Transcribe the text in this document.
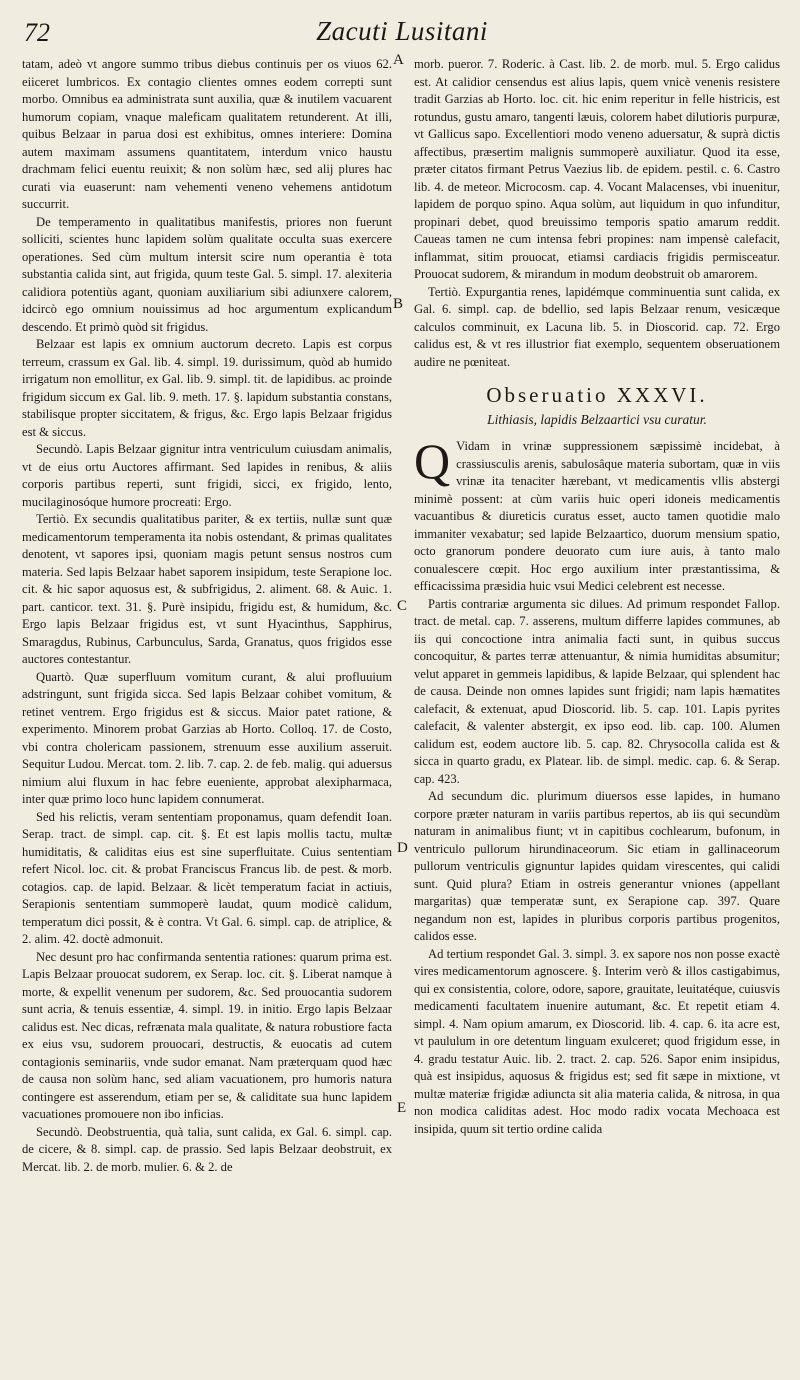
72	Zacuti Lusitani

tatam, adeò vt angore summo tribus diebus continuis per os viuos 62. eiiceret lumbricos. Ex contagio clientes omnes eodem correpti sunt morbo. Omnibus ea administrata sunt auxilia, quæ & inutilem vacuarent humorum copiam, vnaque maleficam qualitatem retunderent. At illi, quibus Belzaar in parua dosi est exhibitus, omnes interiere: Domina autem maximam assumens quantitatem, interdum vnico haustu drachmam felici euentu reuixit; & non solùm hæc, sed alij plures hac curati via euaserunt: nam vehementi veneno vehemens antidotum succurrit.

De temperamento in qualitatibus manifestis, priores non fuerunt solliciti, scientes hunc lapidem solùm qualitate occulta suas exercere operationes. Sed cùm multum intersit scire num operantia è tota substantia calida sint, aut frigida, quum teste Gal. 5. simpl. 17. alexiteria calidiora potentiùs agant, quoniam auxiliarium sibi adiunxere calorem, idcircò ego omnium nouissimus ad hoc argumentum explicandum descendo. Et primò quòd sit frigidus.

Belzaar est lapis ex omnium auctorum decreto. Lapis est corpus terreum, crassum ex Gal. lib. 4. simpl. 19. durissimum, quòd ab humido irrigatum non emollitur, ex Gal. lib. 9. simpl. tit. de lapidibus. ac proinde frigidum siccum ex Gal. lib. 9. meth. 17. §. lapidum substantia constans, stabilisque propter siccitatem, & frigus, &c. Ergo lapis Belzaar frigidus est & siccus.

Secundò. Lapis Belzaar gignitur intra ventriculum cuiusdam animalis, vt de eius ortu Auctores affirmant. Sed lapides in renibus, & aliis corporis partibus reperti, sunt frigidi, sicci, ex frigido, lento, mucilaginosóque humore procreati: Ergo.

Tertiò. Ex secundis qualitatibus pariter, & ex tertiis, nullæ sunt quæ medicamentorum temperamenta ita nobis ostendant, & primas qualitates denotent, vt sapores ipsi, quoniam magis petunt sensus nostros cum materia. Sed lapis Belzaar habet saporem insipidum, teste Serapione loc. cit. & hic sapor aquosus est, & subfrigidus, 2. aliment. 68. & Auic. 1. part. canticor. text. 31. §. Purè insipidu, frigidu est, & humidum, &c. Ergo lapis Belzaar frigidus est, vt sunt Hyacinthus, Sapphirus, Smaragdus, Rubinus, Carbunculus, Sarda, Granatus, quos frigidos esse auctores contestantur.

Quartò. Quæ superfluum vomitum curant, & alui profluuium adstringunt, sunt frigida sicca. Sed lapis Belzaar cohibet vomitum, & retinet ventrem. Ergo frigidus est & siccus. Maior patet ratione, & experimento. Minorem probat Garzias ab Horto. Colloq. 17. de Costo, vbi contra cholericam passionem, strenuum esse auxilium asseruit. Sequitur Ludou. Mercat. tom. 2. lib. 7. cap. 2. de feb. malig. qui aduersus nimium alui fluxum in hac febre eueniente, approbat alexipharmaca, inter quæ primo loco hunc lapidem connumerat.

Sed his relictis, veram sententiam proponamus, quam defendit Ioan. Serap. tract. de simpl. cap. cit. §. Et est lapis mollis tactu, multæ humiditatis, & caliditas eius est sine superfluitate. Cuius sententiam refert Nicol. loc. cit. & probat Franciscus Francus lib. de pest. & morb. cotagios. cap. de lapid. Belzaar. & licèt temperatum faciat in actiuis, Serapionis sententiam summoperè laudat, quum modicè calidum, temperatum dici possit, & è contra. Vt Gal. 6. simpl. cap. de atriplice, & 2. alim. 42. doctè admonuit.

Nec desunt pro hac confirmanda sententia rationes: quarum prima est. Lapis Belzaar prouocat sudorem, ex Serap. loc. cit. §. Liberat namque à morte, & expellit venenum per sudorem, &c. Sed prouocantia sudorem sunt acria, & tenuis essentiæ, 4. simpl. 19. in initio. Ergo lapis Belzaar calidus est. Nec dicas, refrænata mala qualitate, & natura robustiore facta ex eius vsu, sudorem prouocari, destructis, & euocatis ad cutem contagionis seminariis, vnde sudor emanat. Nam præterquam quod hæc de causa non solùm hanc, sed aliam vacuationem, pro humoris natura contingere est asserendum, etiam per se, & caliditate sua hunc lapidem vacuationes promouere non ibo inficias.

Secundò. Deobstruentia, quà talia, sunt calida, ex Gal. 6. simpl. cap. de cicere, & 8. simpl. cap. de prassio. Sed lapis Belzaar deobstruit, ex Mercat. lib. 2. de morb. mulier. 6. & 2. de

A
B
C
D
E

morb. pueror. 7. Roderic. à Cast. lib. 2. de morb. mul. 5. Ergo calidus est. At calidior censendus est alius lapis, quem vnicè venenis resistere tradit Garzias ab Horto. loc. cit. hic enim reperitur in felle histricis, est rotundus, gustu amaro, tangenti læuis, colorem habet dilutioris purpuræ, vt Gallicus sapo. Excellentiori modo veneno aduersatur, & suprà dictis affectibus, præsertim malignis summoperè auxiliatur. Quod ita esse, præter citatos firmant Petrus Vaezius lib. de epidem. pestil. c. 6. Castro lib. 4. de meteor. Microcosm. cap. 4. Vocant Malacenses, vbi inuenitur, lapidem de porquo spino. Aqua solùm, aut liquidum in quo infunditur, propinari debet, quod breuissimo temporis spatio amarum reddit. Caueas tamen ne cum intensa febri propines: nam impensè calefacit, inflammat, sitim prouocat, etiamsi cardiacis frigidis permisceatur. Prouocat sudorem, & mirandum in modum deobstruit ob amarorem.

Tertiò. Expurgantia renes, lapidémque comminuentia sunt calida, ex Gal. 6. simpl. cap. de bdellio, sed lapis Belzaar renum, vesicæque calculos comminuit, ex Lacuna lib. 5. in Dioscorid. cap. 72. Ergo calidus est, & vt res illustrior fiat exemplo, sequentem obseruationem audire ne pœniteat.

Obseruatio XXXVI.
Lithiasis, lapidis Belzaartici vsu curatur.

Q Vidam in vrinæ suppressionem sæpissimè incidebat, à crassiusculis arenis, sabulosâque materia subortam, quæ in viis vrinæ ita tenaciter hærebant, vt medicamentis vllis abstergi minimè possent: at cùm variis huic operi idoneis medicamentis vacuantibus & diureticis curatus esset, aucto tamen quotidie malo immaniter vexabatur; sed lapide Belzaartico, duorum mensium spatio, octo granorum pondere deuorato cum iure auis, à tanto malo conualescere cœpit. Hoc ergo auxilium inter præstantissima, & efficacissima præsidia huic vsui Medici celebrent est necesse.

Partis contrariæ argumenta sic dilues. Ad primum respondet Fallop. tract. de metal. cap. 7. asserens, multum differre lapides communes, ab iis qui concoctione intra animalia facti sunt, in quibus succus concoquitur, & partes terræ attenuantur, & nimia humiditas absumitur; velut apparet in gemmeis lapidibus, & lapide Belzaar, qui splendent hac de causa. Deinde non omnes lapides sunt frigidi; nam lapis hæmatites calefacit, & extenuat, apud Dioscorid. lib. 5. cap. 101. Lapis pyrites calefacit, & valenter abstergit, ex ipso eod. lib. cap. 100. Alumen calidum est, eodem auctore lib. 5. cap. 82. Chrysocolla calida est & sicca in quarto gradu, ex Platear. lib. de simpl. medic. cap. 6. & Serap. cap. 423.

Ad secundum dic. plurimum diuersos esse lapides, in humano corpore præter naturam in variis partibus repertos, ab iis qui secundùm naturam in animalibus fiunt; vt in capitibus cochlearum, bufonum, in ventriculo pullorum hirundinaceorum. Sic etiam in gallinaceorum pullorum ventriculis gignuntur lapides quidam virescentes, qui calidi sunt. Quid plura? Etiam in ostreis generantur vniones (appellant margaritas) quæ temperatæ sunt, ex Serapione cap. 397. Quare negandum non est, lapides in pluribus corporis partibus progenitos, calidos esse.

Ad tertium respondet Gal. 3. simpl. 3. ex sapore nos non posse exactè vires medicamentorum agnoscere. §. Interim verò & illos castigabimus, qui ex consistentia, colore, odore, sapore, grauitate, leuitatéque, cuiusvis medicamenti facultatem inuenire autumant, &c. Et repetit etiam 4. simpl. 4. Nam opium amarum, ex Dioscorid. lib. 4. cap. 6. ita acre est, vt paululum in ore detentum linguam exulceret; quod frigidum esse, in 4. gradu testatur Auic. lib. 2. tract. 2. cap. 526. Sapor enim insipidus, quà est insipidus, aquosus & frigidus est; sed fit sæpe in mixtione, vt multæ materiæ frigidæ adiuncta sit alia materia calida, & nitrosa, in qua non modica caliditas adest. Hoc modo radix vocata Mechoaca est insipida, quum sit tertio ordine calida
